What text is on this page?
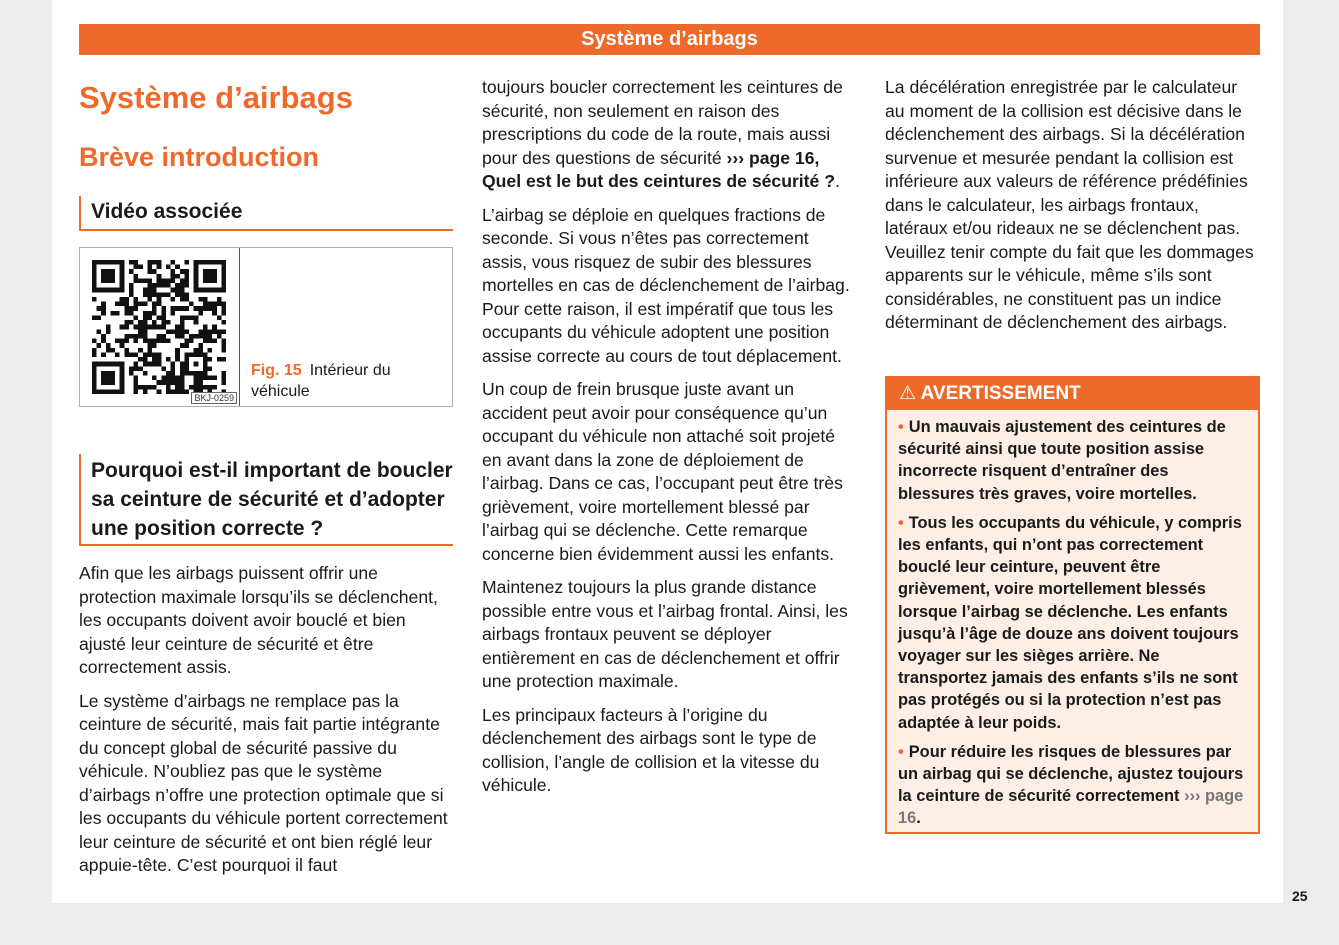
Système d’airbags
Système d’airbags
Brève introduction
Vidéo associée
BKJ-0259
Fig. 15 Intérieur du véhicule
Pourquoi est-il important de boucler sa ceinture de sécurité et d’adopter une position correcte ?

Afin que les airbags puissent offrir une protection maximale lorsqu’ils se déclenchent, les occupants doivent avoir bouclé et bien ajusté leur ceinture de sécurité et être correctement assis.

Le système d’airbags ne remplace pas la ceinture de sécurité, mais fait partie intégrante du concept global de sécurité passive du véhicule. N’oubliez pas que le système d’airbags n’offre une protection optimale que si les occupants du véhicule portent correctement leur ceinture de sécurité et ont bien réglé leur appuie-tête. C’est pourquoi il faut

toujours boucler correctement les ceintures de sécurité, non seulement en raison des prescriptions du code de la route, mais aussi pour des questions de sécurité ››› page 16, Quel est le but des ceintures de sécurité ?.

L’airbag se déploie en quelques fractions de seconde. Si vous n’êtes pas correctement assis, vous risquez de subir des blessures mortelles en cas de déclenchement de l’airbag. Pour cette raison, il est impératif que tous les occupants du véhicule adoptent une position assise correcte au cours de tout déplacement.

Un coup de frein brusque juste avant un accident peut avoir pour conséquence qu’un occupant du véhicule non attaché soit projeté en avant dans la zone de déploiement de l’airbag. Dans ce cas, l’occupant peut être très grièvement, voire mortellement blessé par l’airbag qui se déclenche. Cette remarque concerne bien évidemment aussi les enfants.

Maintenez toujours la plus grande distance possible entre vous et l’airbag frontal. Ainsi, les airbags frontaux peuvent se déployer entièrement en cas de déclenchement et offrir une protection maximale.

Les principaux facteurs à l’origine du déclenchement des airbags sont le type de collision, l’angle de collision et la vitesse du véhicule.

La décélération enregistrée par le calculateur au moment de la collision est décisive dans le déclenchement des airbags. Si la décélération survenue et mesurée pendant la collision est inférieure aux valeurs de référence prédéfinies dans le calculateur, les airbags frontaux, latéraux et/ou rideaux ne se déclenchent pas. Veuillez tenir compte du fait que les dommages apparents sur le véhicule, même s’ils sont considérables, ne constituent pas un indice déterminant de déclenchement des airbags.

⚠ AVERTISSEMENT

• Un mauvais ajustement des ceintures de sécurité ainsi que toute position assise incorrecte risquent d’entraîner des blessures très graves, voire mortelles.

• Tous les occupants du véhicule, y compris les enfants, qui n’ont pas correctement bouclé leur ceinture, peuvent être grièvement, voire mortellement blessés lorsque l’airbag se déclenche. Les enfants jusqu’à l’âge de douze ans doivent toujours voyager sur les sièges arrière. Ne transportez jamais des enfants s’ils ne sont pas protégés ou si la protection n’est pas adaptée à leur poids.

• Pour réduire les risques de blessures par un airbag qui se déclenche, ajustez toujours la ceinture de sécurité correctement ››› page 16.

25
